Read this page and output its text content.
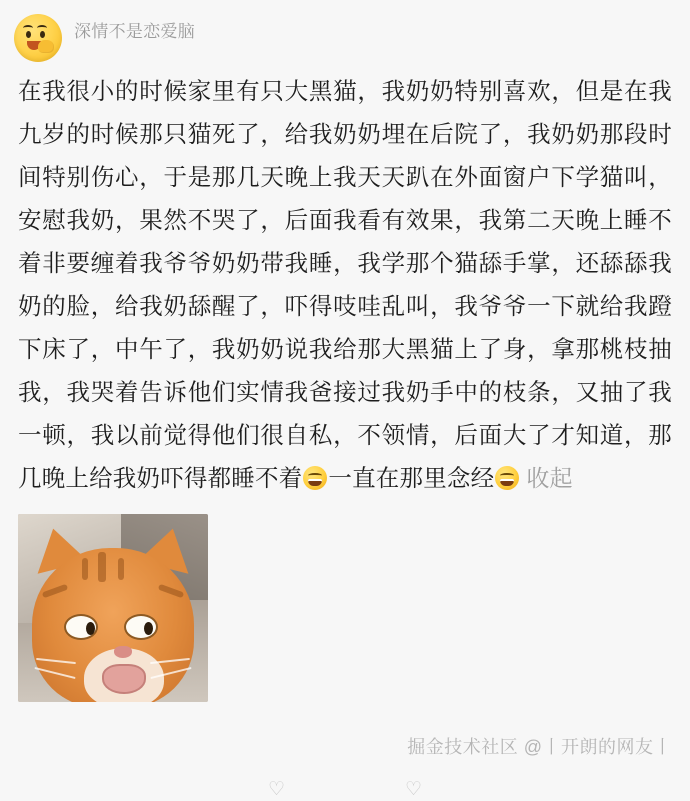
深情不是恋爱脑

在我很小的时候家里有只大黑猫，我奶奶特别喜欢，但是在我九岁的时候那只猫死了，给我奶奶埋在后院了，我奶奶那段时间特别伤心，于是那几天晚上我天天趴在外面窗户下学猫叫，安慰我奶，果然不哭了，后面我看有效果，我第二天晚上睡不着非要缠着我爷爷奶奶带我睡，我学那个猫舔手掌，还舔舔我奶的脸，给我奶舔醒了，吓得吱哇乱叫，我爷爷一下就给我蹬下床了，中午了，我奶奶说我给那大黑猫上了身，拿那桃枝抽我，我哭着告诉他们实情我爸接过我奶手中的枝条，又抽了我一顿，我以前觉得他们很自私，不领情，后面大了才知道，那几晚上给我奶吓得都睡不着 一直在那里念经 收起

掘金技术社区 @丨开朗的网友丨
♡	♡
